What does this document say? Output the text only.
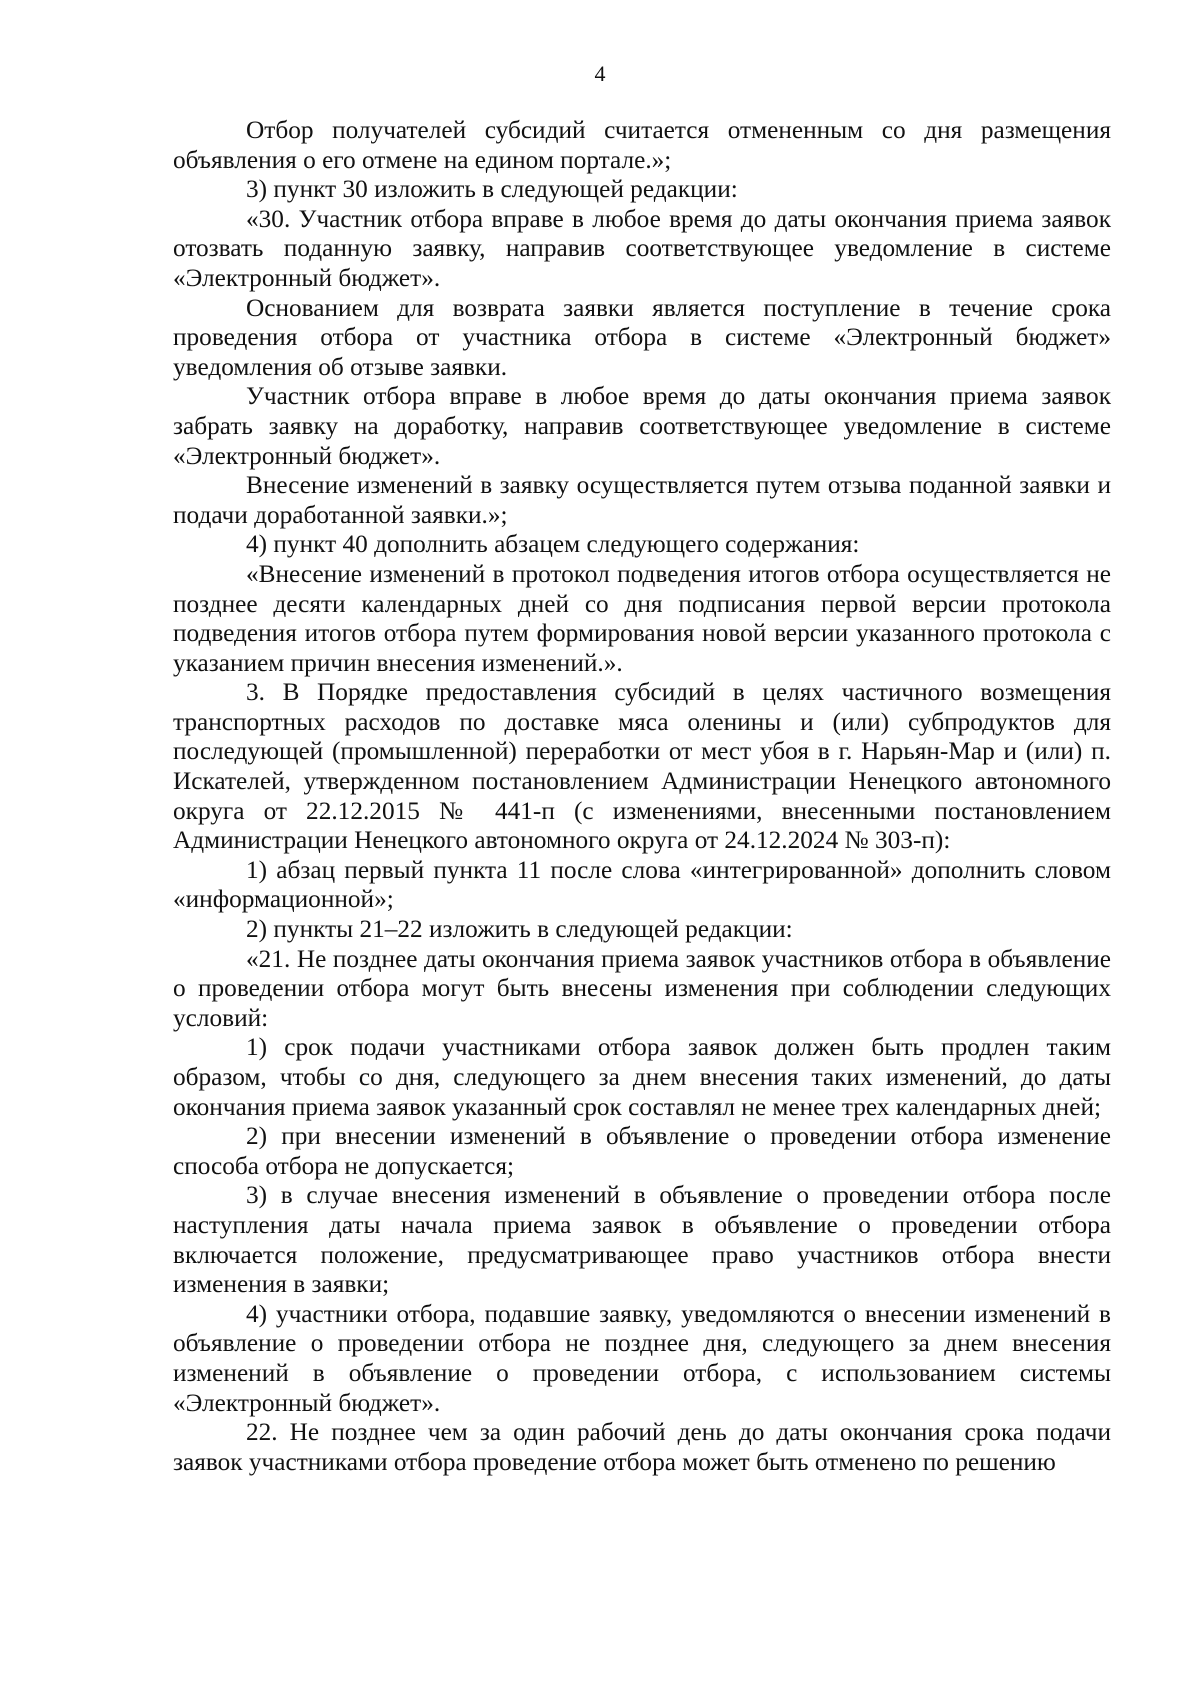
4

Отбор получателей субсидий считается отмененным со дня размещения объявления о его отмене на едином портале.»;

3) пункт 30 изложить в следующей редакции:

«30. Участник отбора вправе в любое время до даты окончания приема заявок отозвать поданную заявку, направив соответствующее уведомление в системе «Электронный бюджет».

Основанием для возврата заявки является поступление в течение срока проведения отбора от участника отбора в системе «Электронный бюджет» уведомления об отзыве заявки.

Участник отбора вправе в любое время до даты окончания приема заявок забрать заявку на доработку, направив соответствующее уведомление в системе «Электронный бюджет».

Внесение изменений в заявку осуществляется путем отзыва поданной заявки и подачи доработанной заявки.»;

4) пункт 40 дополнить абзацем следующего содержания:

«Внесение изменений в протокол подведения итогов отбора осуществляется не позднее десяти календарных дней со дня подписания первой версии протокола подведения итогов отбора путем формирования новой версии указанного протокола с указанием причин внесения изменений.».

3. В Порядке предоставления субсидий в целях частичного возмещения транспортных расходов по доставке мяса оленины и (или) субпродуктов для последующей (промышленной) переработки от мест убоя в г. Нарьян-Мар и (или) п. Искателей, утвержденном постановлением Администрации Ненецкого автономного округа от 22.12.2015 № 441-п (с изменениями, внесенными постановлением Администрации Ненецкого автономного округа от 24.12.2024 № 303-п):

1) абзац первый пункта 11 после слова «интегрированной» дополнить словом «информационной»;

2) пункты 21–22 изложить в следующей редакции:

«21. Не позднее даты окончания приема заявок участников отбора в объявление о проведении отбора могут быть внесены изменения при соблюдении следующих условий:

1) срок подачи участниками отбора заявок должен быть продлен таким образом, чтобы со дня, следующего за днем внесения таких изменений, до даты окончания приема заявок указанный срок составлял не менее трех календарных дней;

2) при внесении изменений в объявление о проведении отбора изменение способа отбора не допускается;

3) в случае внесения изменений в объявление о проведении отбора после наступления даты начала приема заявок в объявление о проведении отбора включается положение, предусматривающее право участников отбора внести изменения в заявки;

4) участники отбора, подавшие заявку, уведомляются о внесении изменений в объявление о проведении отбора не позднее дня, следующего за днем внесения изменений в объявление о проведении отбора, с использованием системы «Электронный бюджет».

22. Не позднее чем за один рабочий день до даты окончания срока подачи заявок участниками отбора проведение отбора может быть отменено по решению
